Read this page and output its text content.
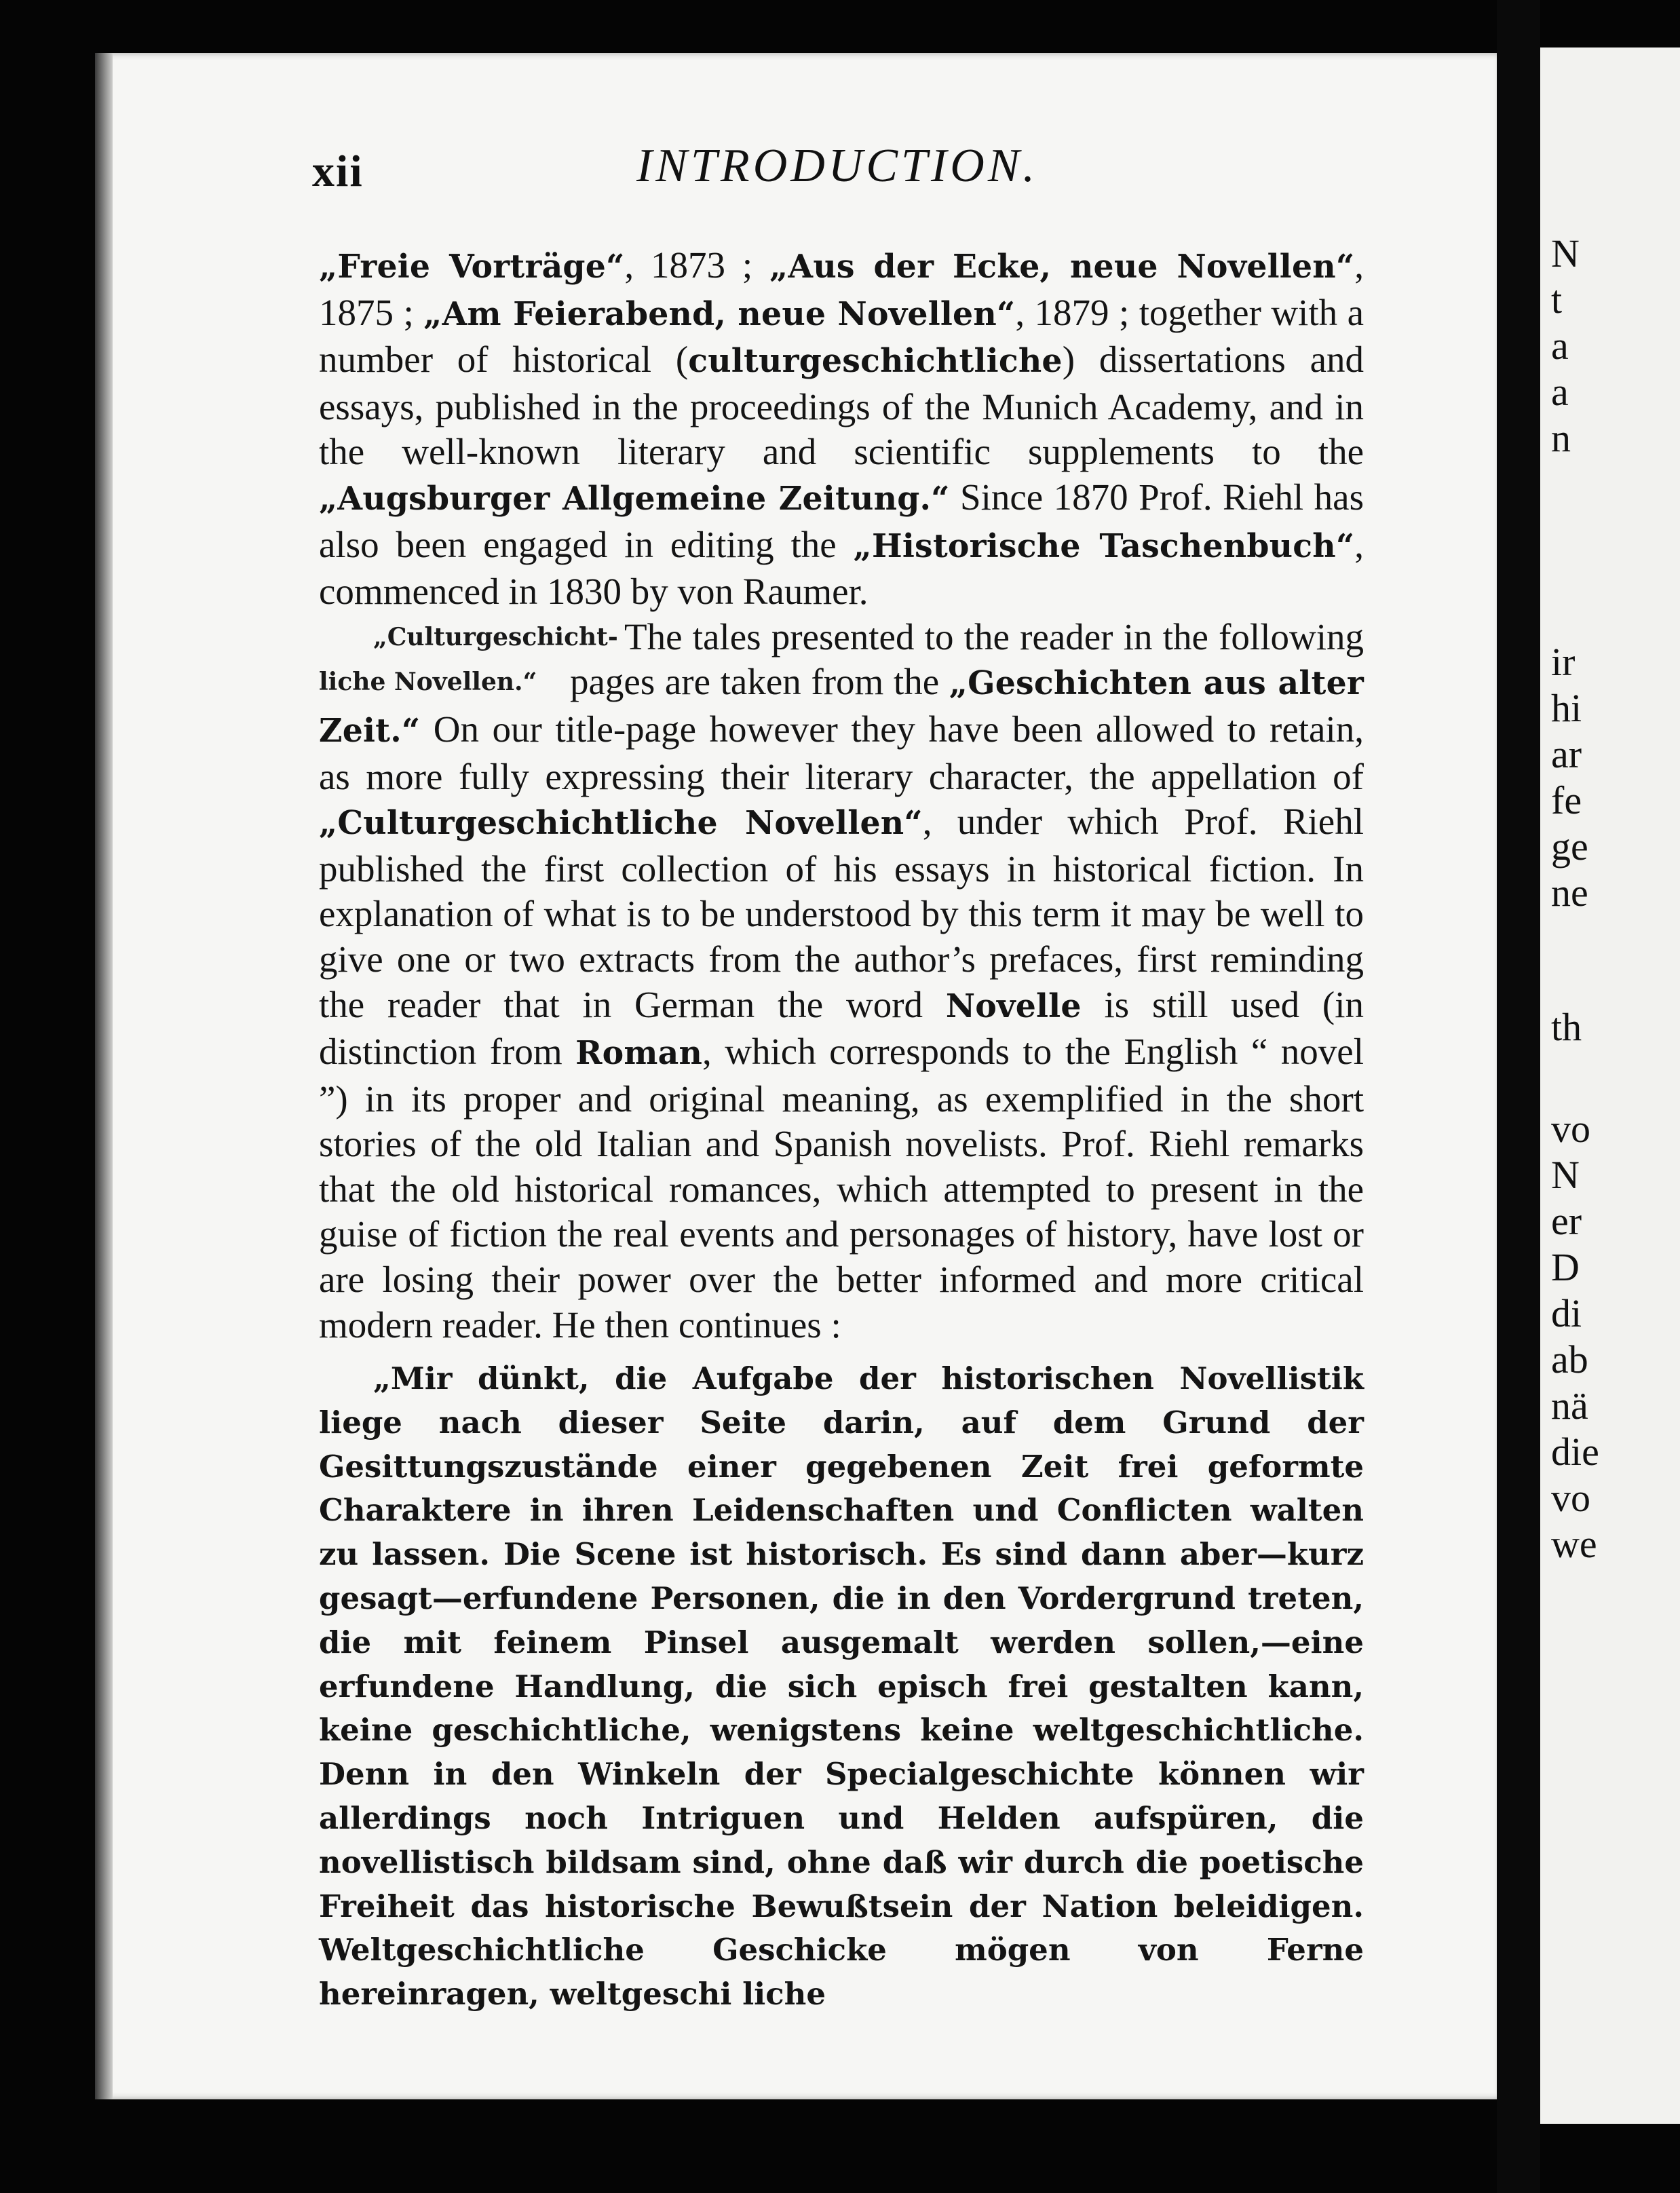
N
t
a
a
n
ir
hi
ar
fe
ge
ne
th
vo
N
er
D
di
ab
nä
die
vo
we
xii	INTRODUCTION.

„Freie Vorträge“, 1873 ; „Aus der Ecke, neue Novellen“, 1875 ; „Am Feierabend, neue Novellen“, 1879 ; together with a number of historical (culturgeschichtliche) dissertations and essays, published in the proceedings of the Munich Academy, and in the well-known literary and scientific supplements to the „Augsburger Allgemeine Zeitung.“ Since 1870 Prof. Riehl has also been engaged in editing the „Historische Taschenbuch“, commenced in 1830 by von Raumer.

„Culturgeschicht-liche Novellen.“
The tales presented to the reader in the following pages are taken from the „Geschichten aus alter Zeit.“ On our title-page however they have been allowed to retain, as more fully expressing their literary character, the appellation of „Culturgeschichtliche Novellen“, under which Prof. Riehl published the first collection of his essays in historical fiction. In explanation of what is to be understood by this term it may be well to give one or two extracts from the author’s prefaces, first reminding the reader that in German the word Novelle is still used (in distinction from Roman, which corresponds to the English “ novel ”) in its proper and original meaning, as exemplified in the short stories of the old Italian and Spanish novelists. Prof. Riehl remarks that the old historical romances, which attempted to present in the guise of fiction the real events and personages of history, have lost or are losing their power over the better informed and more critical modern reader. He then continues :

„Mir dünkt, die Aufgabe der historischen Novellistik liege nach dieser Seite darin, auf dem Grund der Gesittungszustände einer gegebenen Zeit frei geformte Charaktere in ihren Leidenschaften und Conflicten walten zu lassen. Die Scene ist historisch. Es sind dann aber—kurz gesagt—erfundene Personen, die in den Vordergrund treten, die mit feinem Pinsel ausgemalt werden sollen,—eine erfundene Handlung, die sich episch frei gestalten kann, keine geschichtliche, wenigstens keine weltgeschichtliche. Denn in den Winkeln der Specialgeschichte können wir allerdings noch Intriguen und Helden aufspüren, die novellistisch bildsam sind, ohne daß wir durch die poetische Freiheit das historische Bewußtsein der Nation beleidigen. Weltgeschichtliche Geschicke mögen von Ferne hereinragen, weltgeschi liche
